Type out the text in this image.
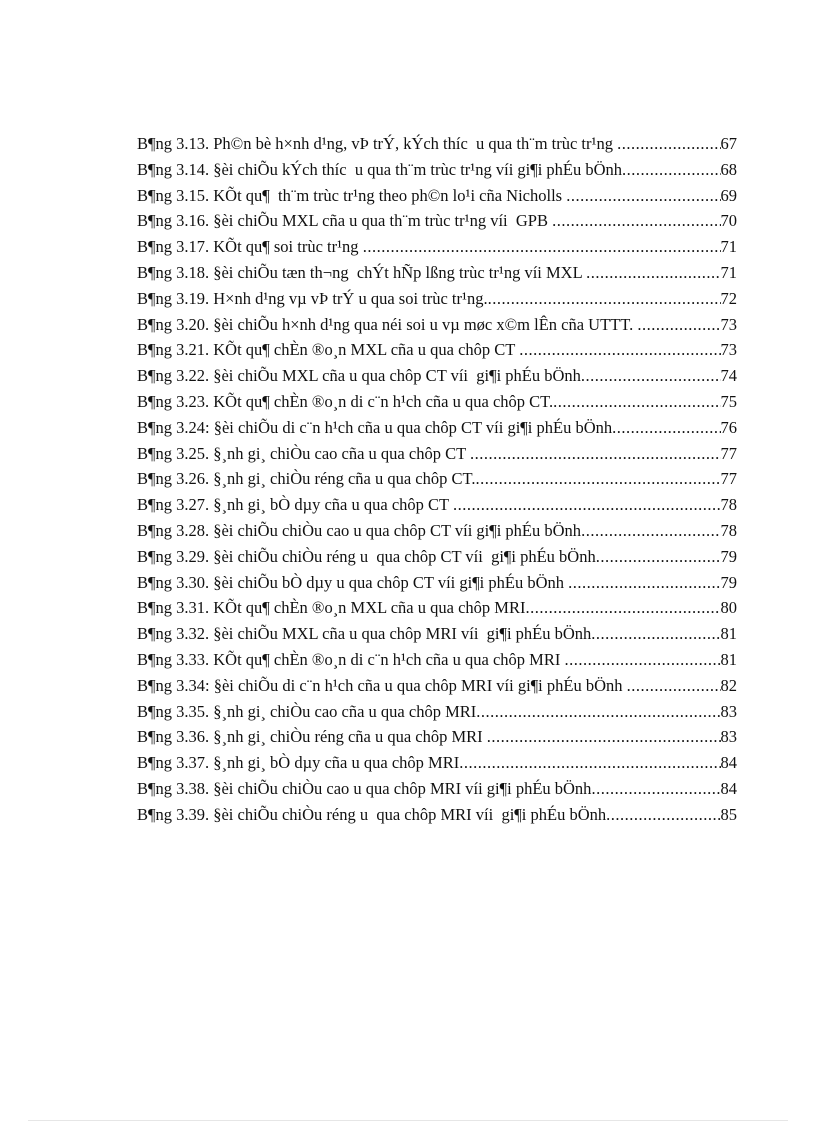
B¶ng 3.13. Ph©n bè h×nh d¹ng, vÞ trÝ, kÝch thíc  u qua th¨m trùc tr¹ng .....	67
B¶ng 3.14. §èi chiÕu kÝch thíc  u qua th¨m trùc tr¹ng víi gi¶i phÉu bÖnh .....	68
B¶ng 3.15. KÕt qu¶  th¨m trùc tr¹ng theo ph©n lo¹i cña Nicholls .....	69
B¶ng 3.16. §èi chiÕu MXL cña u qua th¨m trùc tr¹ng víi  GPB .....	70
B¶ng 3.17. KÕt qu¶ soi trùc tr¹ng .....	71
B¶ng 3.18. §èi chiÕu tæn th¬ng  chÝt hÑp lßng trùc tr¹ng víi MXL .....	71
B¶ng 3.19. H×nh d¹ng vµ vÞ trÝ u qua soi trùc tr¹ng. .....	72
B¶ng 3.20. §èi chiÕu h×nh d¹ng qua néi soi u vµ møc x©m lÊn cña UTTT. .....	73
B¶ng 3.21. KÕt qu¶ chÈn ®o¸n MXL cña u qua chôp CT .....	73
B¶ng 3.22. §èi chiÕu MXL cña u qua chôp CT víi  gi¶i phÉu bÖnh .....	74
B¶ng 3.23. KÕt qu¶ chÈn ®o¸n di c¨n h¹ch cña u qua chôp CT. .....	75
B¶ng 3.24: §èi chiÕu di c¨n h¹ch cña u qua chôp CT víi gi¶i phÉu bÖnh .....	76
B¶ng 3.25. §¸nh gi¸ chiÒu cao cña u qua chôp CT .....	77
B¶ng 3.26. §¸nh gi¸ chiÒu réng cña u qua chôp CT. .....	77
B¶ng 3.27. §¸nh gi¸ bÒ dµy cña u qua chôp CT .....	78
B¶ng 3.28. §èi chiÕu chiÒu cao u qua chôp CT víi gi¶i phÉu bÖnh .....	78
B¶ng 3.29. §èi chiÕu chiÒu réng u  qua chôp CT víi  gi¶i phÉu bÖnh .....	79
B¶ng 3.30. §èi chiÕu bÒ dµy u qua chôp CT víi gi¶i phÉu bÖnh .....	79
B¶ng 3.31. KÕt qu¶ chÈn ®o¸n MXL cña u qua chôp MRI .....	80
B¶ng 3.32. §èi chiÕu MXL cña u qua chôp MRI víi  gi¶i phÉu bÖnh .....	81
B¶ng 3.33. KÕt qu¶ chÈn ®o¸n di c¨n h¹ch cña u qua chôp MRI .....	81
B¶ng 3.34: §èi chiÕu di c¨n h¹ch cña u qua chôp MRI víi gi¶i phÉu bÖnh .....	82
B¶ng 3.35. §¸nh gi¸ chiÒu cao cña u qua chôp MRI .....	83
B¶ng 3.36. §¸nh gi¸ chiÒu réng cña u qua chôp MRI .....	83
B¶ng 3.37. §¸nh gi¸ bÒ dµy cña u qua chôp MRI .....	84
B¶ng 3.38. §èi chiÕu chiÒu cao u qua chôp MRI víi gi¶i phÉu bÖnh .....	84
B¶ng 3.39. §èi chiÕu chiÒu réng u  qua chôp MRI víi  gi¶i phÉu bÖnh .....	85
